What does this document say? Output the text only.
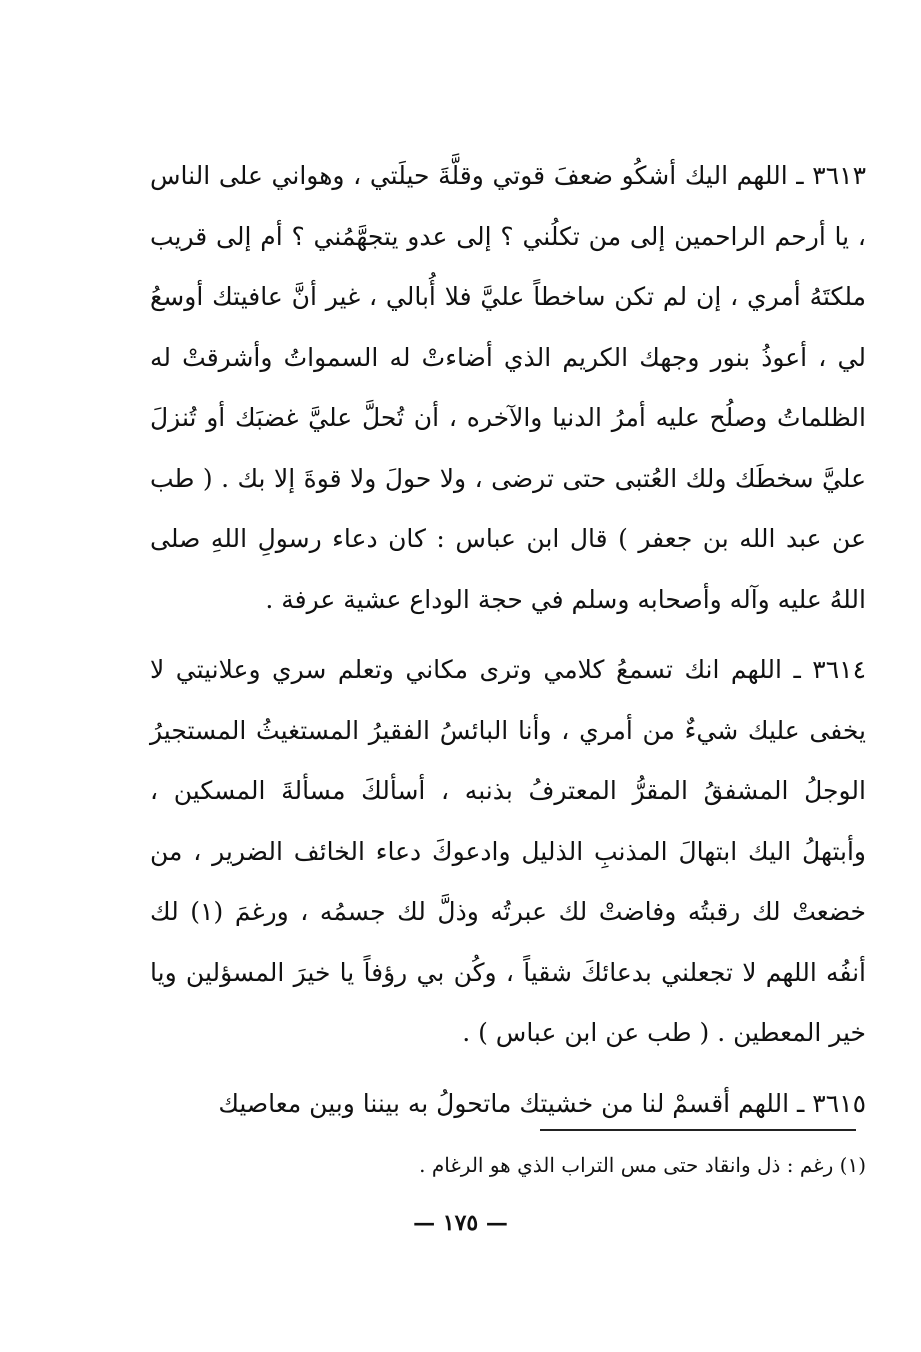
٣٦١٣ ـ اللهم اليك أشكُو ضعفَ قوتي وقلَّةَ حيلَتي ، وهواني على الناس ، يا أرحم الراحمين إلى من تكلُني ؟ إلى عدو يتجهَّمُني ؟ أم إلى قريب ملكتَهُ أمري ، إن لم تكن ساخطاً عليَّ فلا أُبالي ، غير أنَّ عافيتك أوسعُ لي ، أعوذُ بنور وجهك الكريم الذي أضاءتْ له السمواتُ وأشرقتْ له الظلماتُ وصلُح عليه أمرُ الدنيا والآخره ، أن تُحلَّ عليَّ غضبَك أو تُنزلَ عليَّ سخطَك ولك العُتبى حتى ترضى ، ولا حولَ ولا قوةَ إلا بك . ( طب عن عبد الله بن جعفر ) قال ابن عباس : كان دعاء رسولِ اللهِ صلى اللهُ عليه وآله وأصحابه وسلم في حجة الوداع عشية عرفة .

٣٦١٤ ـ اللهم انك تسمعُ كلامي وترى مكاني وتعلم سري وعلانيتي لا يخفى عليك شيءٌ من أمري ، وأنا البائسُ الفقيرُ المستغيثُ المستجيرُ الوجلُ المشفقُ المقرُّ المعترفُ بذنبه ، أسألكَ مسألةَ المسكين ، وأبتهلُ اليك ابتهالَ المذنبِ الذليل وادعوكَ دعاء الخائف الضرير ، من خضعتْ لك رقبتُه وفاضتْ لك عبرتُه وذلَّ لك جسمُه ، ورغمَ (١) لك أنفُه اللهم لا تجعلني بدعائكَ شقياً ، وكُن بي رؤفاً يا خيرَ المسؤلين ويا خير المعطين . ( طب عن ابن عباس ) .

٣٦١٥ ـ اللهم أقسمْ لنا من خشيتك ماتحولُ به بيننا وبين معاصيك

(١) رغم : ذل وانقاد حتى مس التراب الذي هو الرغام .
— ١٧٥ —
